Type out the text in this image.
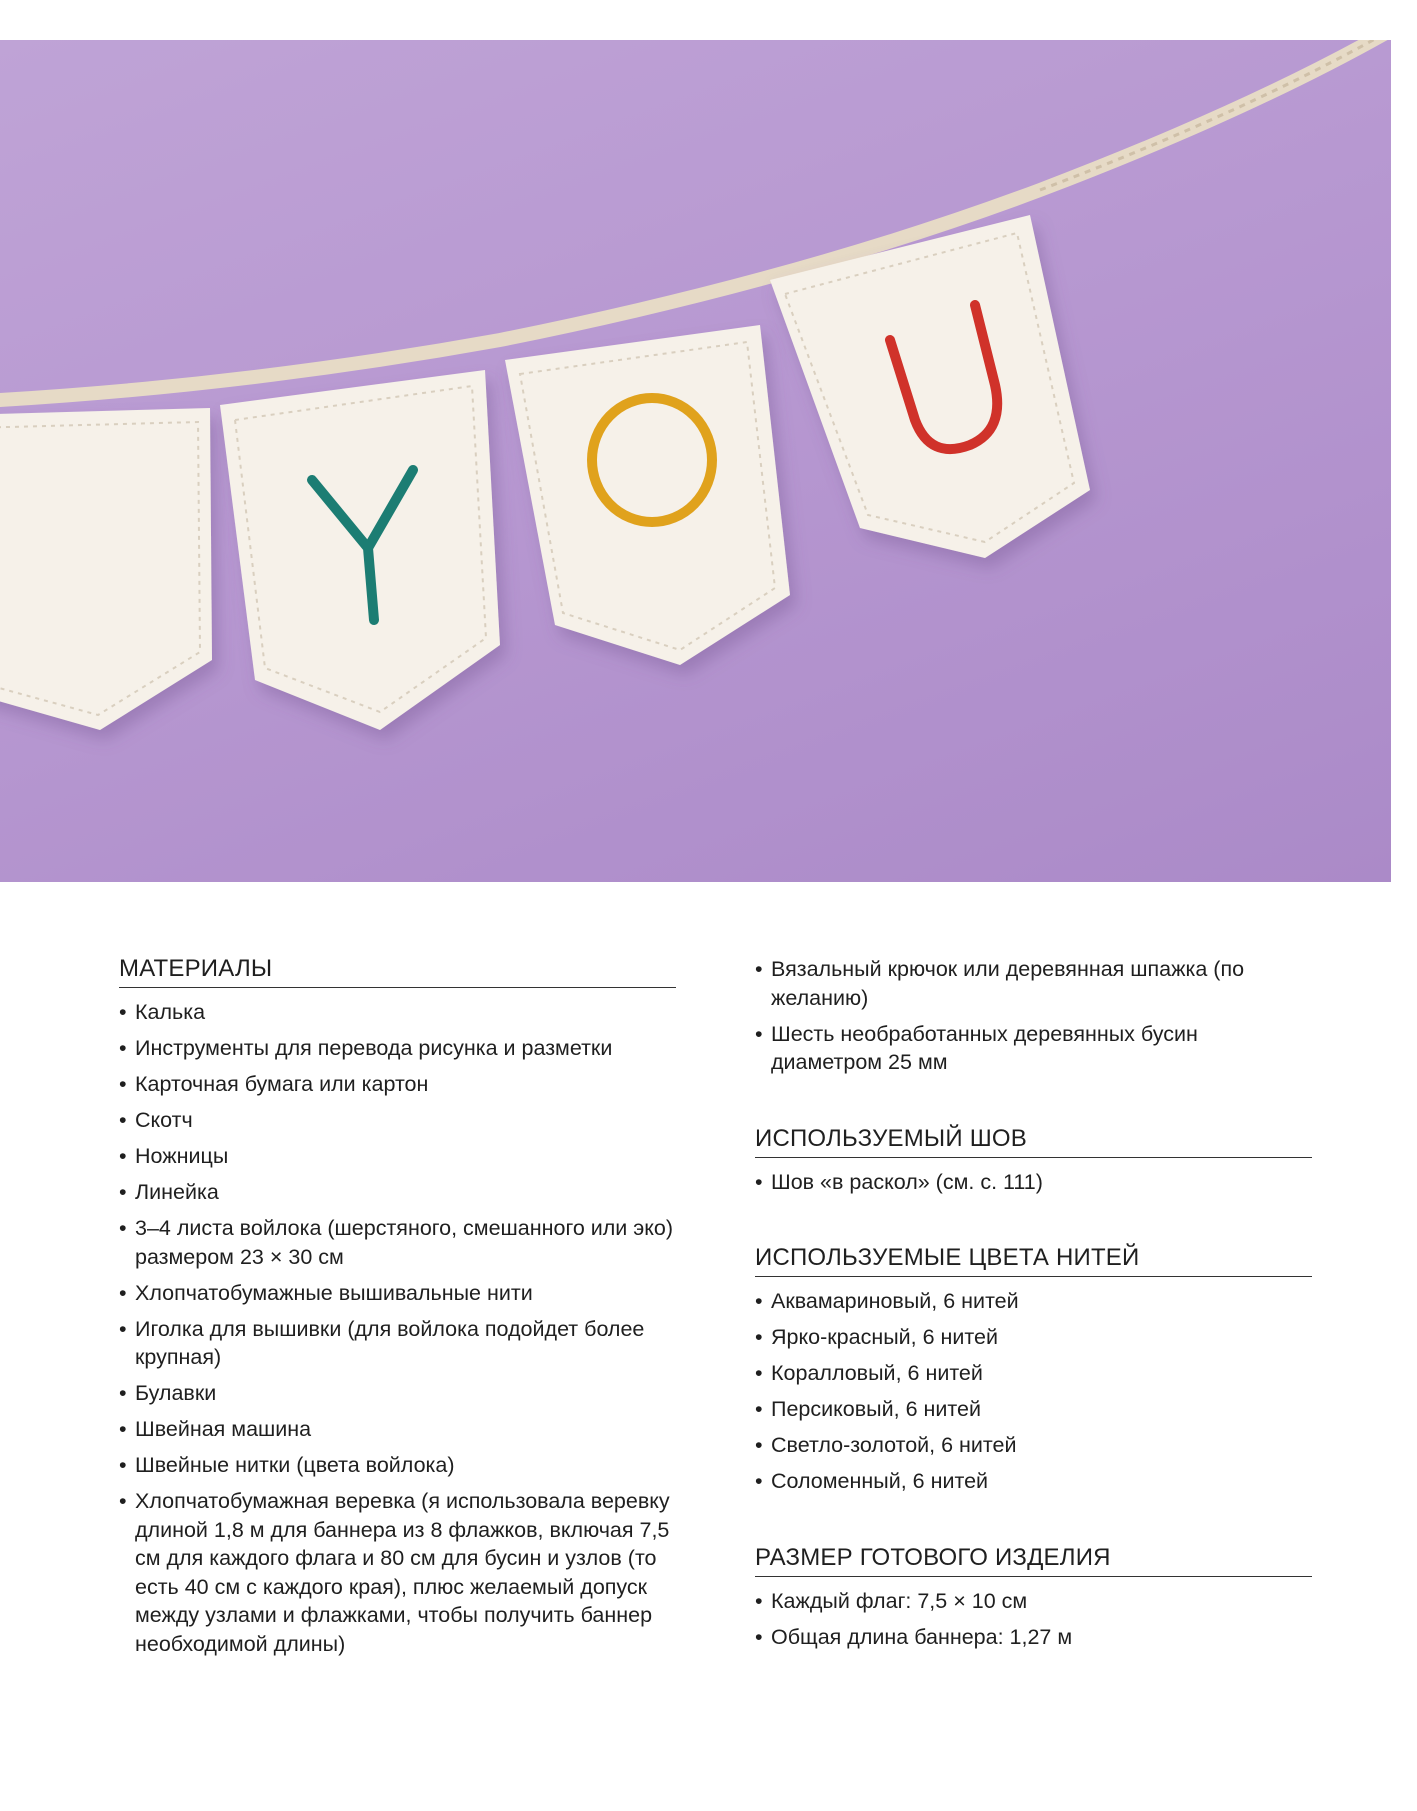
МАТЕРИАЛЫ
• Калька
• Инструменты для перевода рисунка и разметки
• Карточная бумага или картон
• Скотч
• Ножницы
• Линейка
• 3–4 листа войлока (шерстяного, смешанного или эко) размером 23 × 30 см
• Хлопчатобумажные вышивальные нити
• Иголка для вышивки (для войлока подойдет более крупная)
• Булавки
• Швейная машина
• Швейные нитки (цвета войлока)
• Хлопчатобумажная веревка (я использовала веревку длиной 1,8 м для баннера из 8 флажков, включая 7,5 см для каждого флага и 80 см для бусин и узлов (то есть 40 см с каждого края), плюс желаемый допуск между узлами и флажками, чтобы получить баннер необходимой длины)
• Вязальный крючок или деревянная шпажка (по желанию)
• Шесть необработанных деревянных бусин диаметром 25 мм
ИСПОЛЬЗУЕМЫЙ ШОВ
• Шов «в раскол» (см. с. 111)
ИСПОЛЬЗУЕМЫЕ ЦВЕТА НИТЕЙ
• Аквамариновый, 6 нитей
• Ярко-красный, 6 нитей
• Коралловый, 6 нитей
• Персиковый, 6 нитей
• Светло-золотой, 6 нитей
• Соломенный, 6 нитей
РАЗМЕР ГОТОВОГО ИЗДЕЛИЯ
• Каждый флаг: 7,5 × 10 см
• Общая длина баннера: 1,27 м
